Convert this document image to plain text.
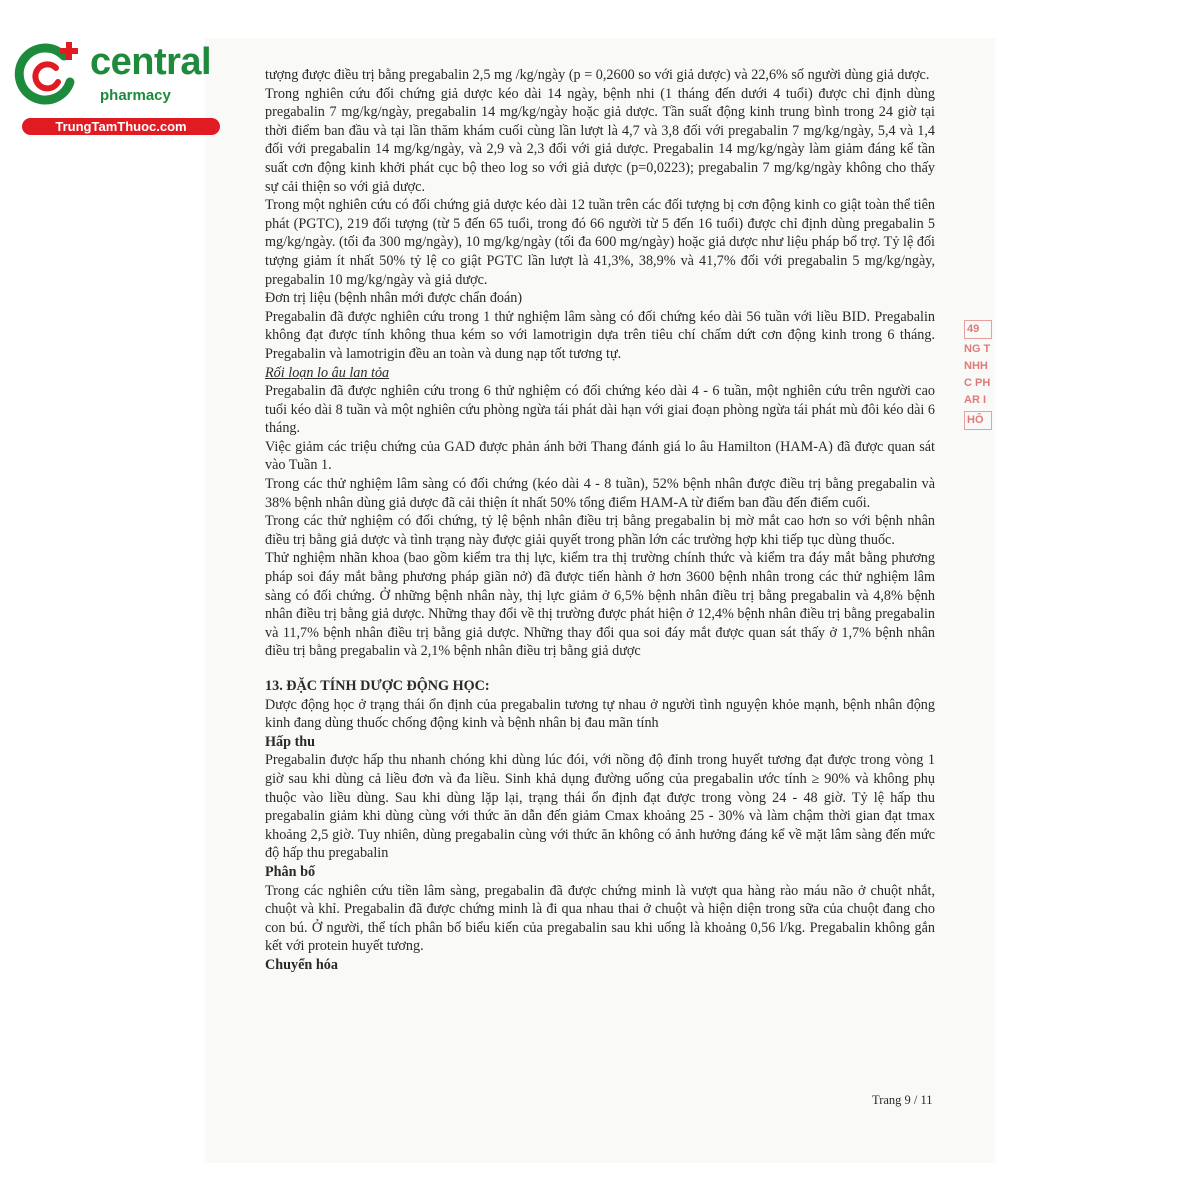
central
pharmacy
TrungTamThuoc.com
49
NG T
NHH
C PH
AR I
HÔ

tượng được điều trị bằng pregabalin 2,5 mg /kg/ngày (p = 0,2600 so với giả dược) và 22,6% số người dùng giả dược.

Trong nghiên cứu đối chứng giả dược kéo dài 14 ngày, bệnh nhi (1 tháng đến dưới 4 tuổi) được chỉ định dùng pregabalin 7 mg/kg/ngày, pregabalin 14 mg/kg/ngày hoặc giả dược. Tần suất động kinh trung bình trong 24 giờ tại thời điểm ban đầu và tại lần thăm khám cuối cùng lần lượt là 4,7 và 3,8 đối với pregabalin 7 mg/kg/ngày, 5,4 và 1,4 đối với pregabalin 14 mg/kg/ngày, và 2,9 và 2,3 đối với giả dược. Pregabalin 14 mg/kg/ngày làm giảm đáng kể tần suất cơn động kinh khởi phát cục bộ theo log so với giả dược (p=0,0223); pregabalin 7 mg/kg/ngày không cho thấy sự cải thiện so với giả dược.

Trong một nghiên cứu có đối chứng giả dược kéo dài 12 tuần trên các đối tượng bị cơn động kinh co giật toàn thể tiên phát (PGTC), 219 đối tượng (từ 5 đến 65 tuổi, trong đó 66 người từ 5 đến 16 tuổi) được chỉ định dùng pregabalin 5 mg/kg/ngày. (tối đa 300 mg/ngày), 10 mg/kg/ngày (tối đa 600 mg/ngày) hoặc giả dược như liệu pháp bổ trợ. Tỷ lệ đối tượng giảm ít nhất 50% tỷ lệ co giật PGTC lần lượt là 41,3%, 38,9% và 41,7% đối với pregabalin 5 mg/kg/ngày, pregabalin 10 mg/kg/ngày và giả dược.

Đơn trị liệu (bệnh nhân mới được chẩn đoán)

Pregabalin đã được nghiên cứu trong 1 thử nghiệm lâm sàng có đối chứng kéo dài 56 tuần với liều BID. Pregabalin không đạt được tính không thua kém so với lamotrigin dựa trên tiêu chí chấm dứt cơn động kinh trong 6 tháng. Pregabalin và lamotrigin đều an toàn và dung nạp tốt tương tự.

Rối loạn lo âu lan tỏa

Pregabalin đã được nghiên cứu trong 6 thử nghiệm có đối chứng kéo dài 4 - 6 tuần, một nghiên cứu trên người cao tuổi kéo dài 8 tuần và một nghiên cứu phòng ngừa tái phát dài hạn với giai đoạn phòng ngừa tái phát mù đôi kéo dài 6 tháng.

Việc giảm các triệu chứng của GAD được phản ánh bởi Thang đánh giá lo âu Hamilton (HAM-A) đã được quan sát vào Tuần 1.

Trong các thử nghiệm lâm sàng có đối chứng (kéo dài 4 - 8 tuần), 52% bệnh nhân được điều trị bằng pregabalin và 38% bệnh nhân dùng giả dược đã cải thiện ít nhất 50% tổng điểm HAM-A từ điểm ban đầu đến điểm cuối.

Trong các thử nghiệm có đối chứng, tỷ lệ bệnh nhân điều trị bằng pregabalin bị mờ mắt cao hơn so với bệnh nhân điều trị bằng giả dược và tình trạng này được giải quyết trong phần lớn các trường hợp khi tiếp tục dùng thuốc.

Thử nghiệm nhãn khoa (bao gồm kiểm tra thị lực, kiểm tra thị trường chính thức và kiểm tra đáy mắt bằng phương pháp soi đáy mắt bằng phương pháp giãn nở) đã được tiến hành ở hơn 3600 bệnh nhân trong các thử nghiệm lâm sàng có đối chứng. Ở những bệnh nhân này, thị lực giảm ở 6,5% bệnh nhân điều trị bằng pregabalin và 4,8% bệnh nhân điều trị bằng giả dược. Những thay đổi về thị trường được phát hiện ở 12,4% bệnh nhân điều trị bằng pregabalin và 11,7% bệnh nhân điều trị bằng giả dược. Những thay đổi qua soi đáy mắt được quan sát thấy ở 1,7% bệnh nhân điều trị bằng pregabalin và 2,1% bệnh nhân điều trị bằng giả dược

13. ĐẶC TÍNH DƯỢC ĐỘNG HỌC:

Dược động học ở trạng thái ổn định của pregabalin tương tự nhau ở người tình nguyện khỏe mạnh, bệnh nhân động kinh đang dùng thuốc chống động kinh và bệnh nhân bị đau mãn tính

Hấp thu

Pregabalin được hấp thu nhanh chóng khi dùng lúc đói, với nồng độ đỉnh trong huyết tương đạt được trong vòng 1 giờ sau khi dùng cả liều đơn và đa liều. Sinh khả dụng đường uống của pregabalin ước tính ≥ 90% và không phụ thuộc vào liều dùng. Sau khi dùng lặp lại, trạng thái ổn định đạt được trong vòng 24 - 48 giờ. Tỷ lệ hấp thu pregabalin giảm khi dùng cùng với thức ăn dẫn đến giảm Cmax khoảng 25 - 30% và làm chậm thời gian đạt tmax khoảng 2,5 giờ. Tuy nhiên, dùng pregabalin cùng với thức ăn không có ảnh hưởng đáng kể về mặt lâm sàng đến mức độ hấp thu pregabalin

Phân bố

Trong các nghiên cứu tiền lâm sàng, pregabalin đã được chứng minh là vượt qua hàng rào máu não ở chuột nhắt, chuột và khỉ. Pregabalin đã được chứng minh là đi qua nhau thai ở chuột và hiện diện trong sữa của chuột đang cho con bú. Ở người, thể tích phân bố biểu kiến của pregabalin sau khi uống là khoảng 0,56 l/kg. Pregabalin không gắn kết với protein huyết tương.

Chuyển hóa

Trang 9 / 11
